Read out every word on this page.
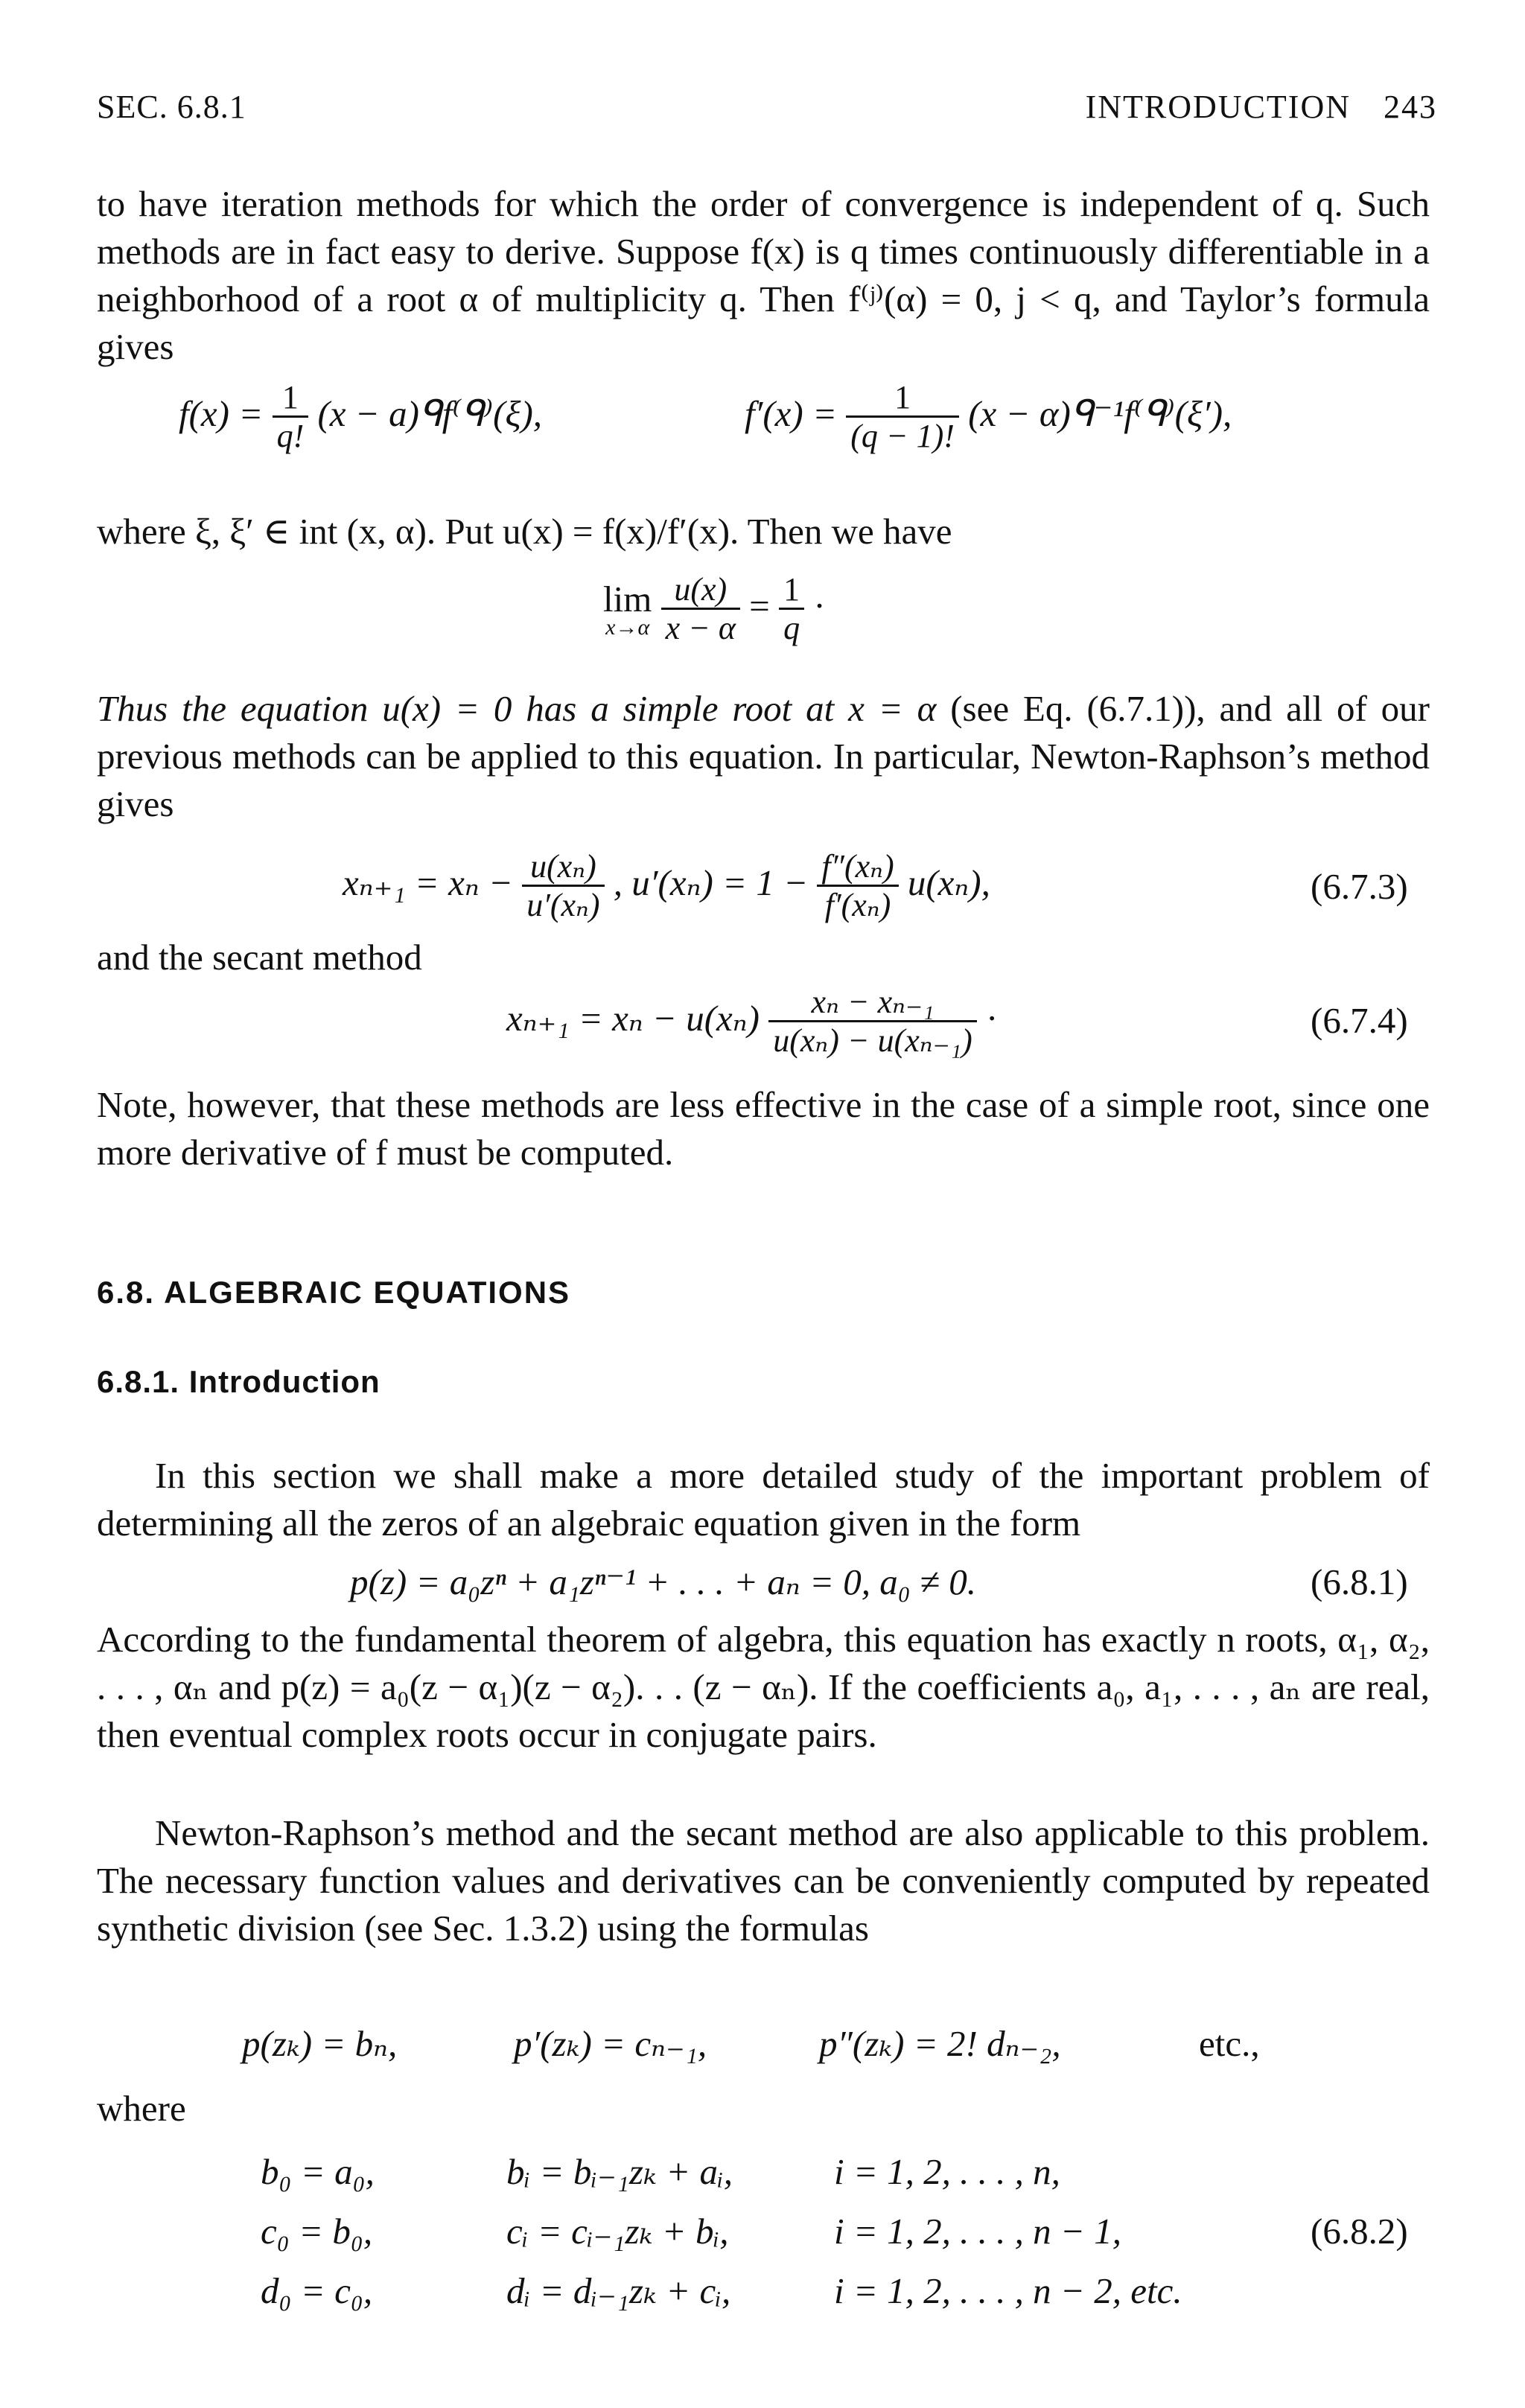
SEC. 6.8.1	INTRODUCTION 243
to have iteration methods for which the order of convergence is independent of q. Such methods are in fact easy to derive. Suppose f(x) is q times continuously differentiable in a neighborhood of a root α of multiplicity q. Then f⁽ʲ⁾(α) = 0, j < q, and Taylor’s formula gives
$f(x) = \frac{1}{q!} (x$ − a)ᑫf⁽ᑫ⁾(ξ),	$f'(x) = \frac{1}{(q - 1)!} (x$ − α)ᑫ⁻¹f⁽ᑫ⁾(ξ′),
where ξ, ξ′ ∈ int (x, α). Put u(x) = f(x)/f′(x). Then we have
lim
x→α
$\frac{u(x)}{x - \alpha} = \frac{1}{q}$ ·
Thus the equation u(x) = 0 has a simple root at x = α (see Eq. (6.7.1)), and all of our previous methods can be applied to this equation. In particular, Newton-Raphson’s method gives
$x_{n+1} = x_n - \frac{\text{u(xₙ)}}{\text{u′(xₙ)}}$ , $u'(x_n) = 1 - \frac{\text{f″(xₙ)}}{\text{f′(xₙ)}} u(x_n)$,	(6.7.3)
and the secant method
$x_{n+1} = x_n - u(x_n) \frac{\text{xₙ − xₙ₋₁}}{\text{u(xₙ) − u(xₙ₋₁)}}$ ·	(6.7.4)
Note, however, that these methods are less effective in the case of a simple root, since one more derivative of f must be computed.
6.8. ALGEBRAIC EQUATIONS
6.8.1. Introduction
In this section we shall make a more detailed study of the important problem of determining all the zeros of an algebraic equation given in the form
p(z) = a₀zⁿ + a₁zⁿ⁻¹ + . . . + aₙ = 0, a₀ ≠ 0.	(6.8.1)
According to the fundamental theorem of algebra, this equation has exactly n roots, α₁, α₂, . . . , αₙ and p(z) = a₀(z − α₁)(z − α₂). . . (z − αₙ). If the coefficients a₀, a₁, . . . , aₙ are real, then eventual complex roots occur in conjugate pairs.
Newton-Raphson’s method and the secant method are also applicable to this problem. The necessary function values and derivatives can be conveniently computed by repeated synthetic division (see Sec. 1.3.2) using the formulas
p(zₖ) = bₙ,	p′(zₖ) = cₙ₋₁,	p″(zₖ) = 2! dₙ₋₂,	etc.,
where
b₀ = a₀,	bᵢ = bᵢ₋₁zₖ + aᵢ,	i = 1, 2, . . . , n,
c₀ = b₀,	cᵢ = cᵢ₋₁zₖ + bᵢ,	i = 1, 2, . . . , n − 1,
d₀ = c₀,	dᵢ = dᵢ₋₁zₖ + cᵢ,	i = 1, 2, . . . , n − 2, etc.
(6.8.2)
